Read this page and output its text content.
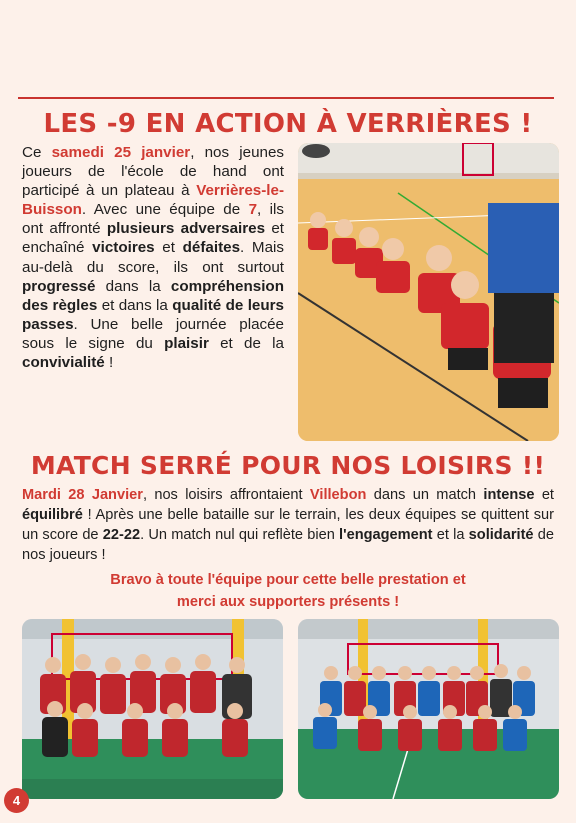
LES -9 EN ACTION À VERRIÈRES !
Ce samedi 25 janvier, nos jeunes joueurs de l'école de hand ont participé à un plateau à Verrières-le-Buisson. Avec une équipe de 7, ils ont affronté plusieurs adversaires et enchaîné victoires et défaites. Mais au-delà du score, ils ont surtout progressé dans la compréhension des règles et dans la qualité de leurs passes. Une belle journée placée sous le signe du plaisir et de la convivialité !
MATCH SERRÉ POUR NOS LOISIRS !!
Mardi 28 Janvier, nos loisirs affrontaient Villebon dans un match intense et équilibré ! Après une belle bataille sur le terrain, les deux équipes se quittent sur un score de 22-22. Un match nul qui reflète bien l'engagement et la solidarité de nos joueurs !
Bravo à toute l'équipe pour cette belle prestation et
merci aux supporters présents !
4
